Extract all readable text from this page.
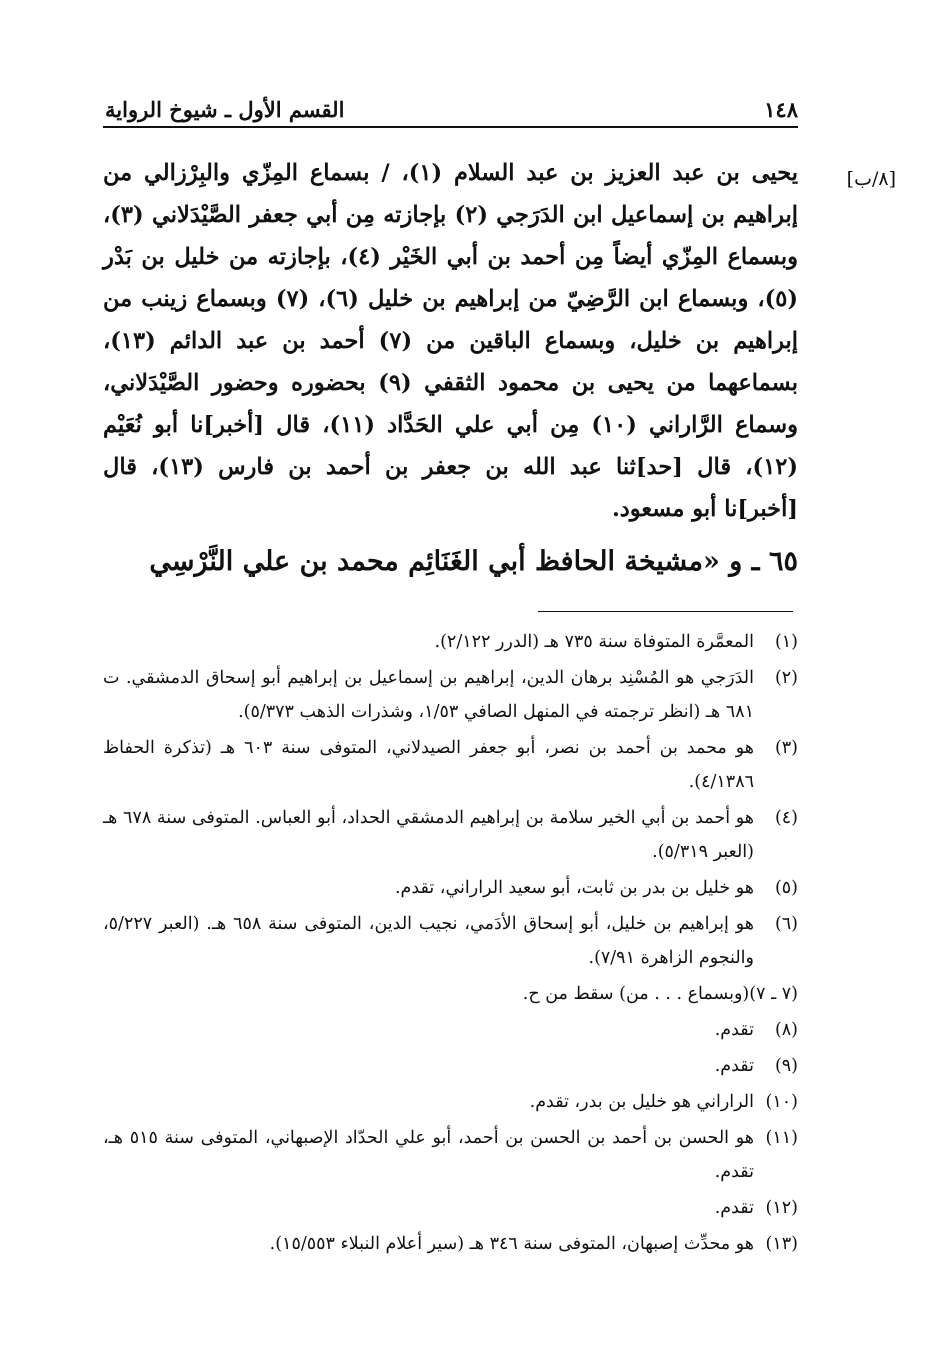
١٤٨
القسم الأول ـ شيوخ الرواية
[٨/ب]

يحيى بن عبد العزيز بن عبد السلام (١)، / بسماع المِزّي والبِرْزالي من إبراهيم بن إسماعيل ابن الدَرَجي (٢) بإجازته مِن أبي جعفر الصَّيْدَلاني (٣)، وبسماع المِزّي أيضاً مِن أحمد بن أبي الخَيْر (٤)، بإجازته من خليل بن بَدْر (٥)، وبسماع ابن الرَّضِيّ من إبراهيم بن خليل (٦)، (٧) وبسماع زينب من إبراهيم بن خليل، وبسماع الباقين من (٧) أحمد بن عبد الدائم (١٣)، بسماعهما من يحيى بن محمود الثقفي (٩) بحضوره وحضور الصَّيْدَلاني، وسماع الرَّاراني (١٠) مِن أبي علي الحَدَّاد (١١)، قال [أخبر]نا أبو نُعَيْم (١٢)، قال [حد]ثنا عبد الله بن جعفر بن أحمد بن فارس (١٣)، قال [أخبر]نا أبو مسعود.

٦٥ ـ و «مشيخة الحافظ أبي الغَنَائِم محمد بن علي النَّرْسِي
(١)
المعمَّرة المتوفاة سنة ٧٣٥ هـ (الدرر ٢/١٢٢).
(٢)
الدَرَجي هو المُسْنِد برهان الدين، إبراهيم بن إسماعيل بن إبراهيم أبو إسحاق الدمشقي. ت ٦٨١ هـ (انظر ترجمته في المنهل الصافي ١/٥٣، وشذرات الذهب ٥/٣٧٣).
(٣)
هو محمد بن أحمد بن نصر، أبو جعفر الصيدلاني، المتوفى سنة ٦٠٣ هـ (تذكرة الحفاظ ٤/١٣٨٦).
(٤)
هو أحمد بن أبي الخير سلامة بن إبراهيم الدمشقي الحداد، أبو العباس. المتوفى سنة ٦٧٨ هـ (العبر ٥/٣١٩).
(٥)
هو خليل بن بدر بن ثابت، أبو سعيد الراراني، تقدم.
(٦)
هو إبراهيم بن خليل، أبو إسحاق الأدَمي، نجيب الدين، المتوفى سنة ٦٥٨ هـ. (العبر ٥/٢٢٧، والنجوم الزاهرة ٧/٩١).
(٧ ـ ٧)
(وبسماع . . . من) سقط من ح.
(٨)
تقدم.
(٩)
تقدم.
(١٠)
الراراني هو خليل بن بدر، تقدم.
(١١)
هو الحسن بن أحمد بن الحسن بن أحمد، أبو علي الحدّاد الإصبهاني، المتوفى سنة ٥١٥ هـ، تقدم.
(١٢)
تقدم.
(١٣)
هو محدِّث إصبهان، المتوفى سنة ٣٤٦ هـ (سير أعلام النبلاء ١٥/٥٥٣).
